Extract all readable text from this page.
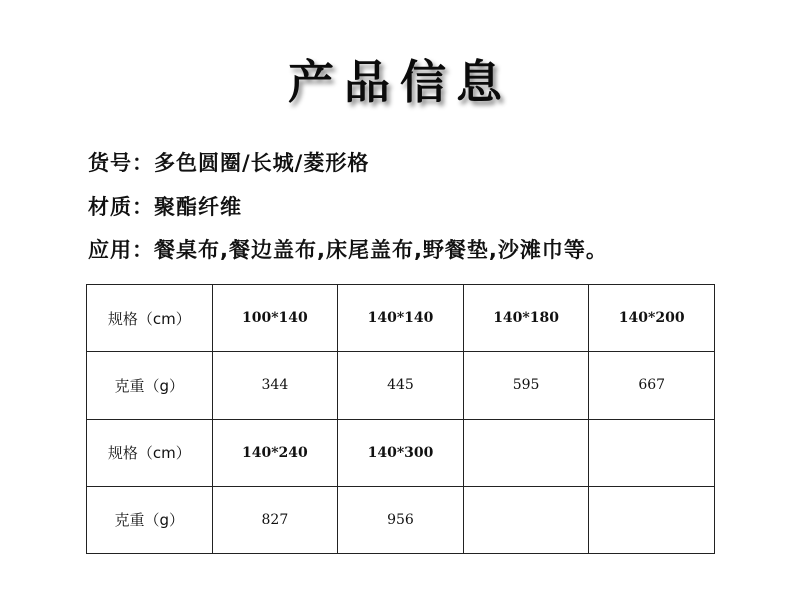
产品信息
货号：多色圆圈/长城/菱形格
材质：聚酯纤维
应用：餐桌布,餐边盖布,床尾盖布,野餐垫,沙滩巾等。
规格（cm）	100*140	140*140	140*180	140*200
克重（g）	344	445	595	667
规格（cm）	140*240	140*300		
克重（g）	827	956		
